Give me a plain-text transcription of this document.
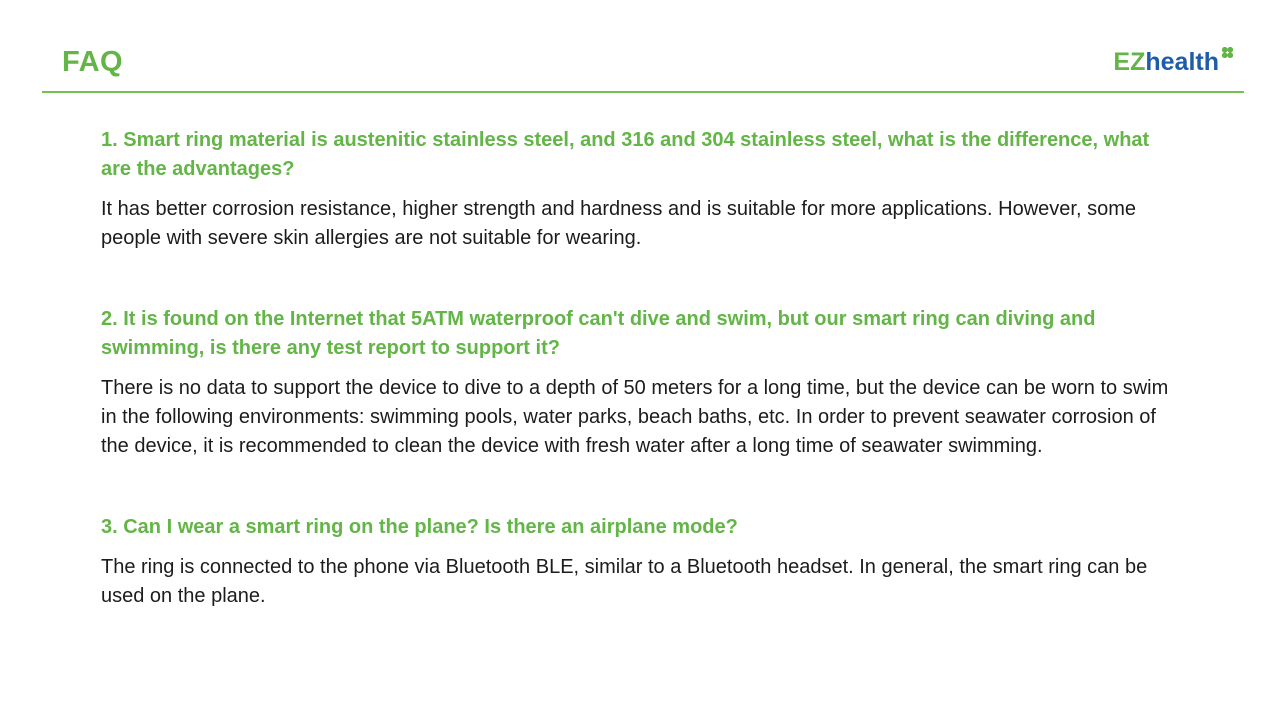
FAQ	EZhealth

1. Smart ring material is austenitic stainless steel, and 316 and 304 stainless steel, what is the difference, what are the advantages?

It has better corrosion resistance, higher strength and hardness and is suitable for more applications. However, some people with severe skin allergies are not suitable for wearing.

2. It is found on the Internet that 5ATM waterproof can't dive and swim, but our smart ring can diving and swimming, is there any test report to support it?

There is no data to support the device to dive to a depth of 50 meters for a long time, but the device can be worn to swim in the following environments: swimming pools, water parks, beach baths, etc. In order to prevent seawater corrosion of the device, it is recommended to clean the device with fresh water after a long time of seawater swimming.

3. Can I wear a smart ring on the plane? Is there an airplane mode?

The ring is connected to the phone via Bluetooth BLE, similar to a Bluetooth headset. In general, the smart ring can be used on the plane.
